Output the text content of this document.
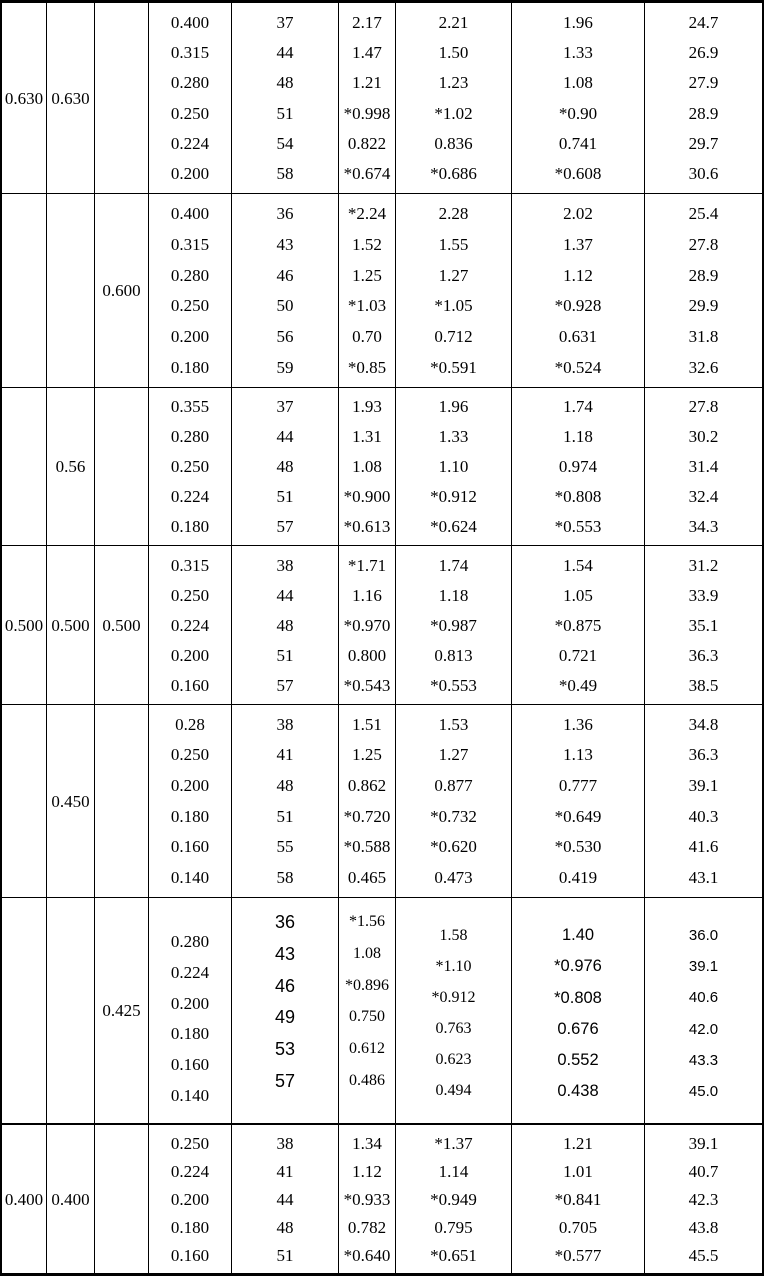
0.630 0.630
0.400
0.315
0.280
0.250
0.224
0.200
37
44
48
51
54
58
2.17
1.47
1.21
*0.998
0.822
*0.674
2.21
1.50
1.23
*1.02
0.836
*0.686
1.96
1.33
1.08
*0.90
0.741
*0.608
24.7
26.9
27.9
28.9
29.7
30.6
0.600
0.400
0.315
0.280
0.250
0.200
0.180
36
43
46
50
56
59
*2.24
1.52
1.25
*1.03
0.70
*0.85
2.28
1.55
1.27
*1.05
0.712
*0.591
2.02
1.37
1.12
*0.928
0.631
*0.524
25.4
27.8
28.9
29.9
31.8
32.6
0.56
0.355
0.280
0.250
0.224
0.180
37
44
48
51
57
1.93
1.31
1.08
*0.900
*0.613
1.96
1.33
1.10
*0.912
*0.624
1.74
1.18
0.974
*0.808
*0.553
27.8
30.2
31.4
32.4
34.3
0.500 0.500 0.500
0.315
0.250
0.224
0.200
0.160
38
44
48
51
57
*1.71
1.16
*0.970
0.800
*0.543
1.74
1.18
*0.987
0.813
*0.553
1.54
1.05
*0.875
0.721
*0.49
31.2
33.9
35.1
36.3
38.5
0.450
0.28
0.250
0.200
0.180
0.160
0.140
38
41
48
51
55
58
1.51
1.25
0.862
*0.720
*0.588
0.465
1.53
1.27
0.877
*0.732
*0.620
0.473
1.36
1.13
0.777
*0.649
*0.530
0.419
34.8
36.3
39.1
40.3
41.6
43.1
0.425
0.280
0.224
0.200
0.180
0.160
0.140
36
43
46
49
53
57
*1.56
1.08
*0.896
0.750
0.612
0.486
1.58
*1.10
*0.912
0.763
0.623
0.494
1.40
*0.976
*0.808
0.676
0.552
0.438
36.0
39.1
40.6
42.0
43.3
45.0
0.400 0.400
0.250
0.224
0.200
0.180
0.160
38
41
44
48
51
1.34
1.12
*0.933
0.782
*0.640
*1.37
1.14
*0.949
0.795
*0.651
1.21
1.01
*0.841
0.705
*0.577
39.1
40.7
42.3
43.8
45.5
